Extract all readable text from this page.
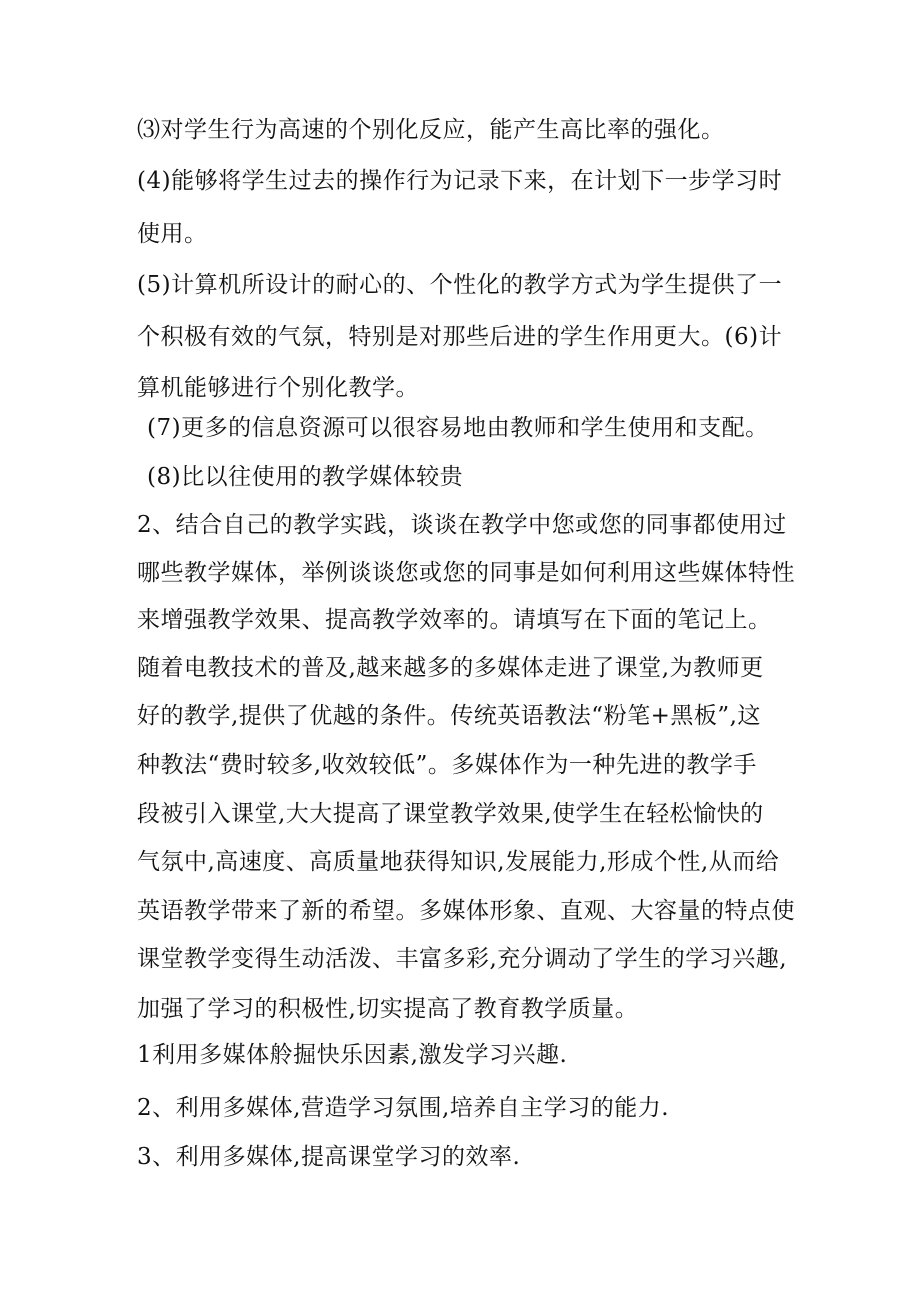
⑶对学生行为高速的个别化反应，能产生高比率的强化。
(4)能够将学生过去的操作行为记录下来，在计划下一步学习时
使用。
(5)计算机所设计的耐心的、个性化的教学方式为学生提供了一
个积极有效的气氛，特别是对那些后进的学生作用更大。(6)计
算机能够进行个别化教学。
(7)更多的信息资源可以很容易地由教师和学生使用和支配。
(8)比以往使用的教学媒体较贵
2、结合自己的教学实践，谈谈在教学中您或您的同事都使用过
哪些教学媒体，举例谈谈您或您的同事是如何利用这些媒体特性
来增强教学效果、提高教学效率的。请填写在下面的笔记上。
随着电教技术的普及,越来越多的多媒体走进了课堂,为教师更
好的教学,提供了优越的条件。传统英语教法“粉笔+黑板”,这
种教法“费时较多,收效较低”。多媒体作为一种先进的教学手
段被引入课堂,大大提高了课堂教学效果,使学生在轻松愉快的
气氛中,高速度、高质量地获得知识,发展能力,形成个性,从而给
英语教学带来了新的希望。多媒体形象、直观、大容量的特点使
课堂教学变得生动活泼、丰富多彩,充分调动了学生的学习兴趣,
加强了学习的积极性,切实提高了教育教学质量。
1利用多媒体舲掘快乐因素,激发学习兴趣.
2、利用多媒体,营造学习氛围,培养自主学习的能力.
3、利用多媒体,提高课堂学习的效率.
